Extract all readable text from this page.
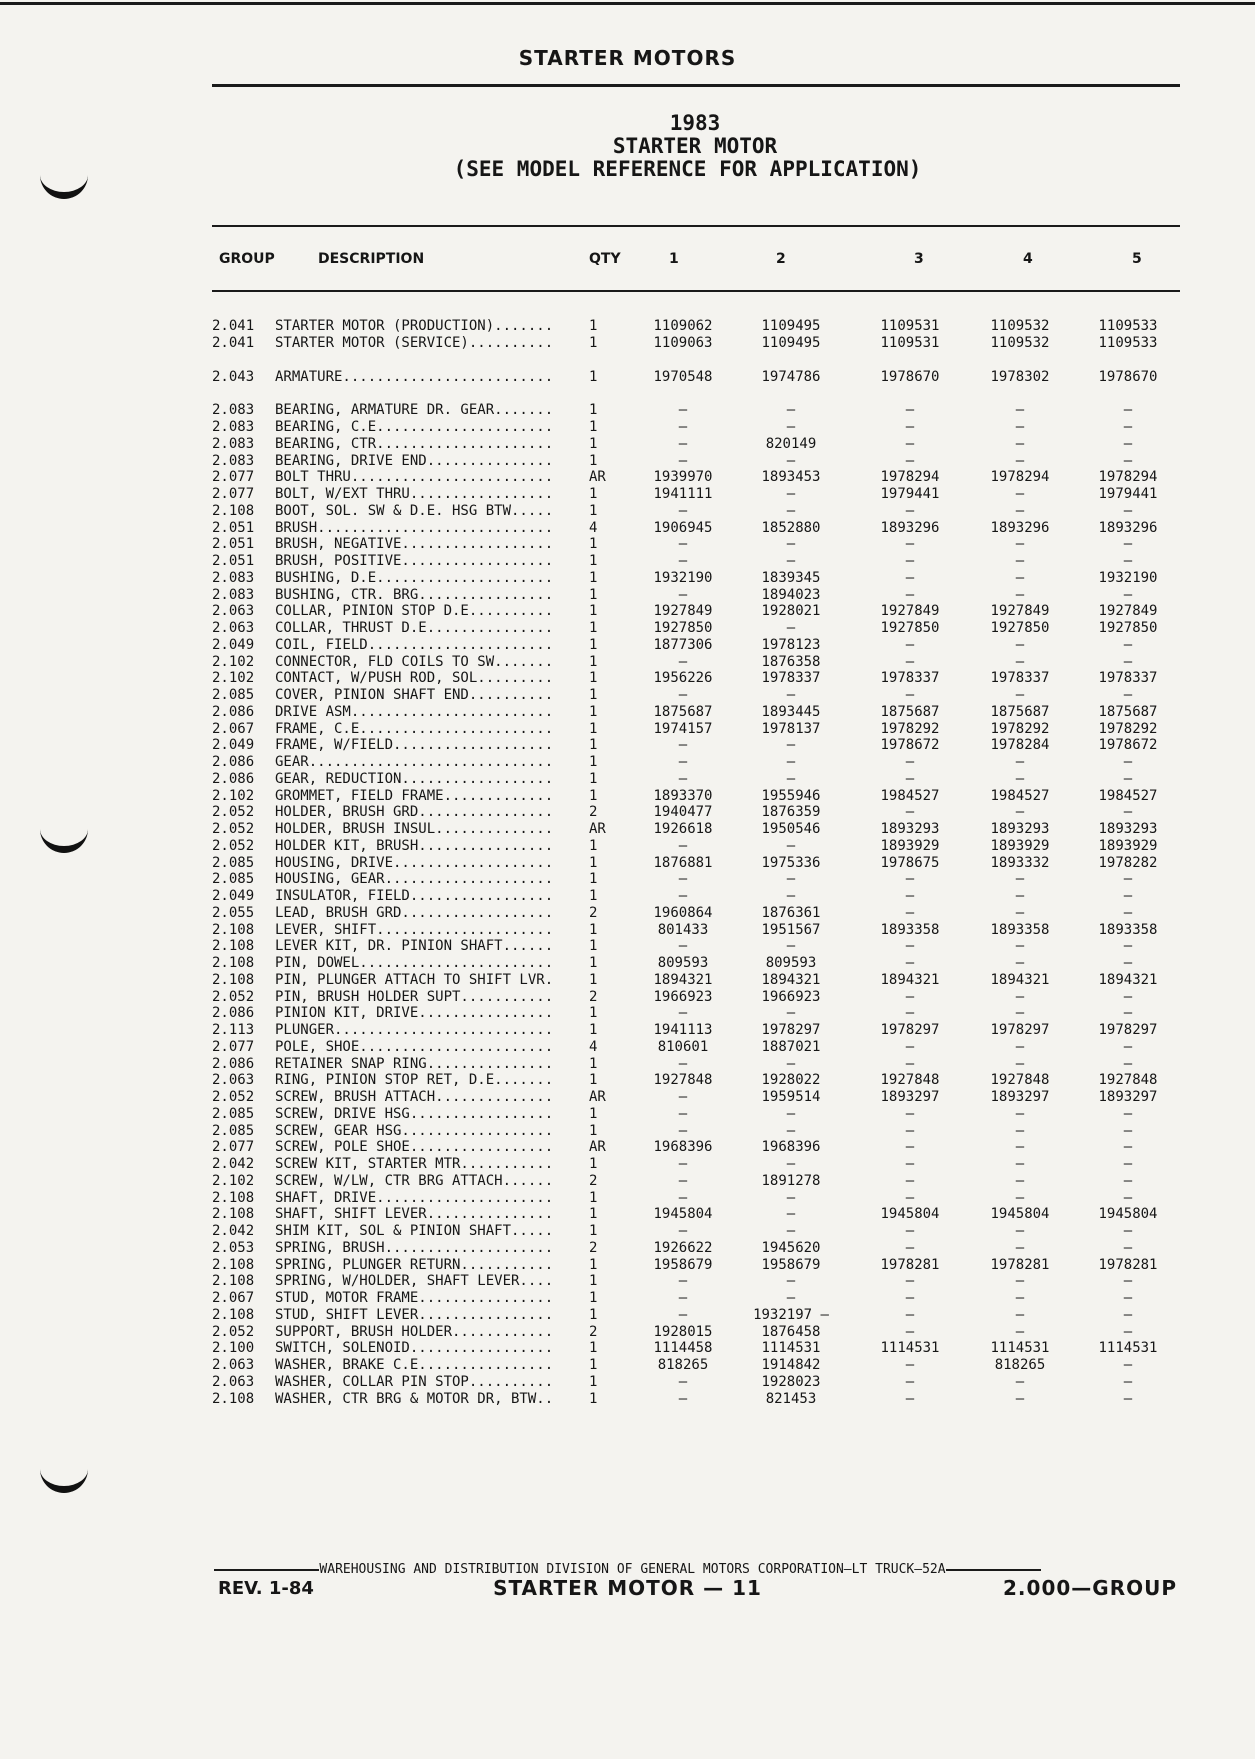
STARTER MOTORS
1983
STARTER MOTOR
(SEE MODEL REFERENCE FOR APPLICATION)
GROUP	DESCRIPTION	QTY	1	2	3	4	5
2.041 STARTER MOTOR (PRODUCTION).......	1	1109062	1109495	1109531	1109532	1109533
2.041 STARTER MOTOR (SERVICE)..........	1	1109063	1109495	1109531	1109532	1109533
2.043 ARMATURE.........................	1	1970548	1974786	1978670	1978302	1978670
2.083 BEARING, ARMATURE DR. GEAR.......	1	—	—	—	—	—
2.083 BEARING, C.E.....................	1	—	—	—	—	—
2.083 BEARING, CTR.....................	1	—	820149	—	—	—
2.083 BEARING, DRIVE END...............	1	—	—	—	—	—
2.077 BOLT THRU........................	AR	1939970	1893453	1978294	1978294	1978294
2.077 BOLT, W/EXT THRU.................	1	1941111	—	1979441	—	1979441
2.108 BOOT, SOL. SW & D.E. HSG BTW.....	1	—	—	—	—	—
2.051 BRUSH............................	4	1906945	1852880	1893296	1893296	1893296
2.051 BRUSH, NEGATIVE..................	1	—	—	—	—	—
2.051 BRUSH, POSITIVE..................	1	—	—	—	—	—
2.083 BUSHING, D.E.....................	1	1932190	1839345	—	—	1932190
2.083 BUSHING, CTR. BRG................	1	—	1894023	—	—	—
2.063 COLLAR, PINION STOP D.E..........	1	1927849	1928021	1927849	1927849	1927849
2.063 COLLAR, THRUST D.E...............	1	1927850	—	1927850	1927850	1927850
2.049 COIL, FIELD......................	1	1877306	1978123	—	—	—
2.102 CONNECTOR, FLD COILS TO SW.......	1	—	1876358	—	—	—
2.102 CONTACT, W/PUSH ROD, SOL.........	1	1956226	1978337	1978337	1978337	1978337
2.085 COVER, PINION SHAFT END..........	1	—	—	—	—	—
2.086 DRIVE ASM........................	1	1875687	1893445	1875687	1875687	1875687
2.067 FRAME, C.E.......................	1	1974157	1978137	1978292	1978292	1978292
2.049 FRAME, W/FIELD...................	1	—	—	1978672	1978284	1978672
2.086 GEAR.............................	1	—	—	—	—	—
2.086 GEAR, REDUCTION..................	1	—	—	—	—	—
2.102 GROMMET, FIELD FRAME.............	1	1893370	1955946	1984527	1984527	1984527
2.052 HOLDER, BRUSH GRD................	2	1940477	1876359	—	—	—
2.052 HOLDER, BRUSH INSUL..............	AR	1926618	1950546	1893293	1893293	1893293
2.052 HOLDER KIT, BRUSH................	1	—	—	1893929	1893929	1893929
2.085 HOUSING, DRIVE...................	1	1876881	1975336	1978675	1893332	1978282
2.085 HOUSING, GEAR....................	1	—	—	—	—	—
2.049 INSULATOR, FIELD.................	1	—	—	—	—	—
2.055 LEAD, BRUSH GRD..................	2	1960864	1876361	—	—	—
2.108 LEVER, SHIFT.....................	1	801433	1951567	1893358	1893358	1893358
2.108 LEVER KIT, DR. PINION SHAFT......	1	—	—	—	—	—
2.108 PIN, DOWEL.......................	1	809593	809593	—	—	—
2.108 PIN, PLUNGER ATTACH TO SHIFT LVR.	1	1894321	1894321	1894321	1894321	1894321
2.052 PIN, BRUSH HOLDER SUPT...........	2	1966923	1966923	—	—	—
2.086 PINION KIT, DRIVE................	1	—	—	—	—	—
2.113 PLUNGER..........................	1	1941113	1978297	1978297	1978297	1978297
2.077 POLE, SHOE.......................	4	810601	1887021	—	—	—
2.086 RETAINER SNAP RING...............	1	—	—	—	—	—
2.063 RING, PINION STOP RET, D.E.......	1	1927848	1928022	1927848	1927848	1927848
2.052 SCREW, BRUSH ATTACH..............	AR	—	1959514	1893297	1893297	1893297
2.085 SCREW, DRIVE HSG.................	1	—	—	—	—	—
2.085 SCREW, GEAR HSG..................	1	—	—	—	—	—
2.077 SCREW, POLE SHOE.................	AR	1968396	1968396	—	—	—
2.042 SCREW KIT, STARTER MTR...........	1	—	—	—	—	—
2.102 SCREW, W/LW, CTR BRG ATTACH......	2	—	1891278	—	—	—
2.108 SHAFT, DRIVE.....................	1	—	—	—	—	—
2.108 SHAFT, SHIFT LEVER...............	1	1945804	—	1945804	1945804	1945804
2.042 SHIM KIT, SOL & PINION SHAFT.....	1	—	—	—	—	—
2.053 SPRING, BRUSH....................	2	1926622	1945620	—	—	—
2.108 SPRING, PLUNGER RETURN...........	1	1958679	1958679	1978281	1978281	1978281
2.108 SPRING, W/HOLDER, SHAFT LEVER....	1	—	—	—	—	—
2.067 STUD, MOTOR FRAME................	1	—	—	—	—	—
2.108 STUD, SHIFT LEVER................	1	—	1932197 —	—	—	—
2.052 SUPPORT, BRUSH HOLDER............	2	1928015	1876458	—	—	—
2.100 SWITCH, SOLENOID.................	1	1114458	1114531	1114531	1114531	1114531
2.063 WASHER, BRAKE C.E................	1	818265	1914842	—	818265	—
2.063 WASHER, COLLAR PIN STOP..........	1	—	1928023	—	—	—
2.108 WASHER, CTR BRG & MOTOR DR, BTW..	1	—	821453	—	—	—
WAREHOUSING AND DISTRIBUTION DIVISION OF GENERAL MOTORS CORPORATION—LT TRUCK—52A
REV. 1-84	STARTER MOTOR — 11	2.000—GROUP
